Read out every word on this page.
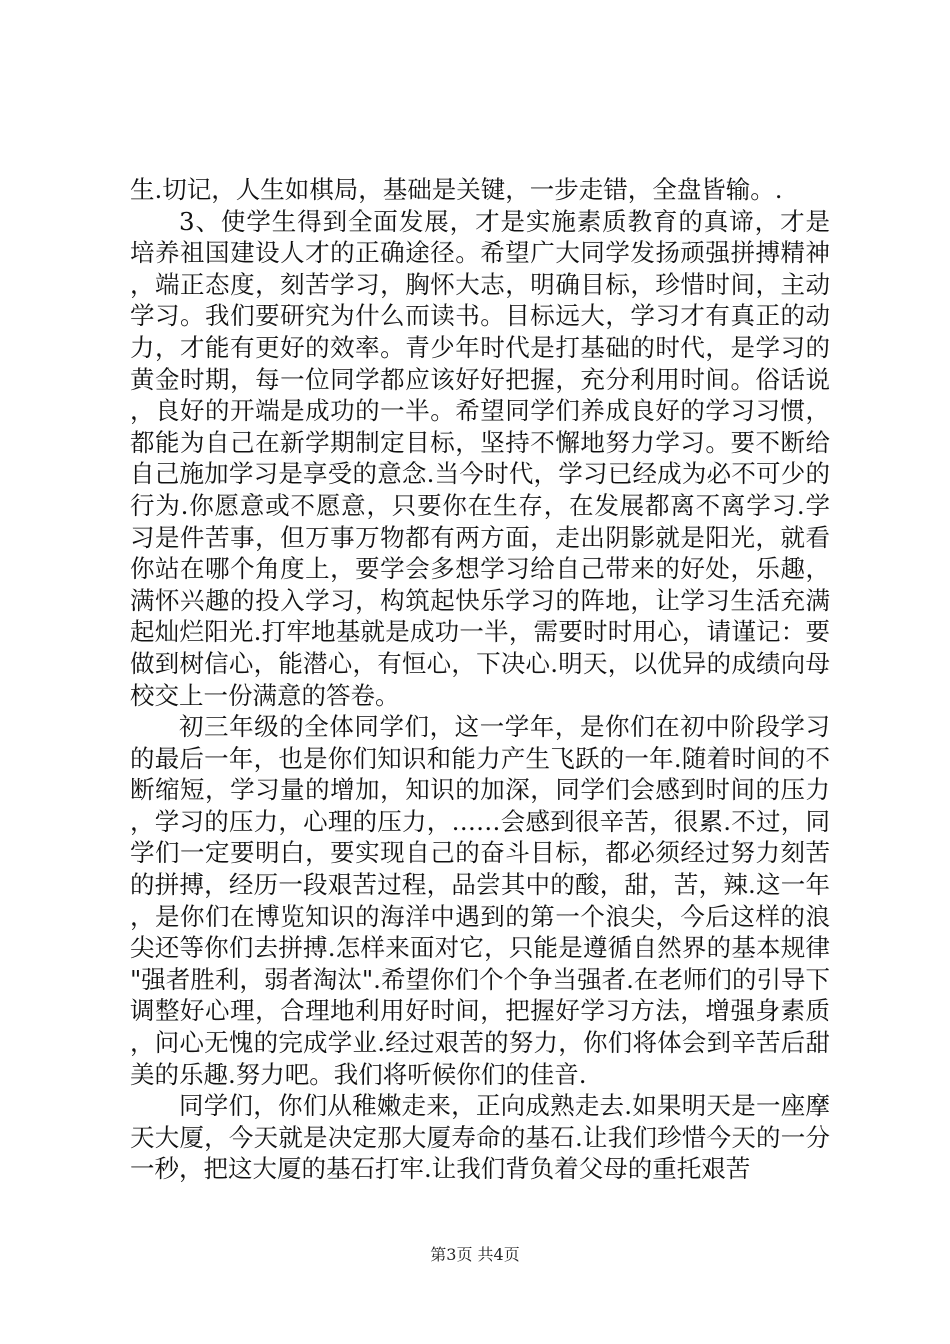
生.切记，人生如棋局，基础是关键，一步走错，全盘皆输。.

3、使学生得到全面发展，才是实施素质教育的真谛，才是培养祖国建设人才的正确途径。希望广大同学发扬顽强拼搏精神，端正态度，刻苦学习，胸怀大志，明确目标，珍惜时间，主动学习。我们要研究为什么而读书。目标远大，学习才有真正的动力，才能有更好的效率。青少年时代是打基础的时代，是学习的黄金时期，每一位同学都应该好好把握，充分利用时间。俗话说，良好的开端是成功的一半。希望同学们养成良好的学习习惯，都能为自己在新学期制定目标，坚持不懈地努力学习。要不断给自己施加学习是享受的意念.当今时代，学习已经成为必不可少的行为.你愿意或不愿意，只要你在生存，在发展都离不离学习.学习是件苦事，但万事万物都有两方面，走出阴影就是阳光，就看你站在哪个角度上，要学会多想学习给自己带来的好处，乐趣，满怀兴趣的投入学习，构筑起快乐学习的阵地，让学习生活充满起灿烂阳光.打牢地基就是成功一半，需要时时用心，请谨记：要做到树信心，能潜心，有恒心，下决心.明天，以优异的成绩向母校交上一份满意的答卷。

初三年级的全体同学们，这一学年，是你们在初中阶段学习的最后一年，也是你们知识和能力产生飞跃的一年.随着时间的不断缩短，学习量的增加，知识的加深，同学们会感到时间的压力，学习的压力，心理的压力，……会感到很辛苦，很累.不过，同学们一定要明白，要实现自己的奋斗目标，都必须经过努力刻苦的拼搏，经历一段艰苦过程，品尝其中的酸，甜，苦，辣.这一年，是你们在博览知识的海洋中遇到的第一个浪尖，今后这样的浪尖还等你们去拼搏.怎样来面对它，只能是遵循自然界的基本规律"强者胜利，弱者淘汰".希望你们个个争当强者.在老师们的引导下调整好心理，合理地利用好时间，把握好学习方法，增强身素质，问心无愧的完成学业.经过艰苦的努力，你们将体会到辛苦后甜美的乐趣.努力吧。我们将听候你们的佳音.

同学们，你们从稚嫩走来，正向成熟走去.如果明天是一座摩天大厦，今天就是决定那大厦寿命的基石.让我们珍惜今天的一分一秒，把这大厦的基石打牢.让我们背负着父母的重托艰苦

第3页 共4页
